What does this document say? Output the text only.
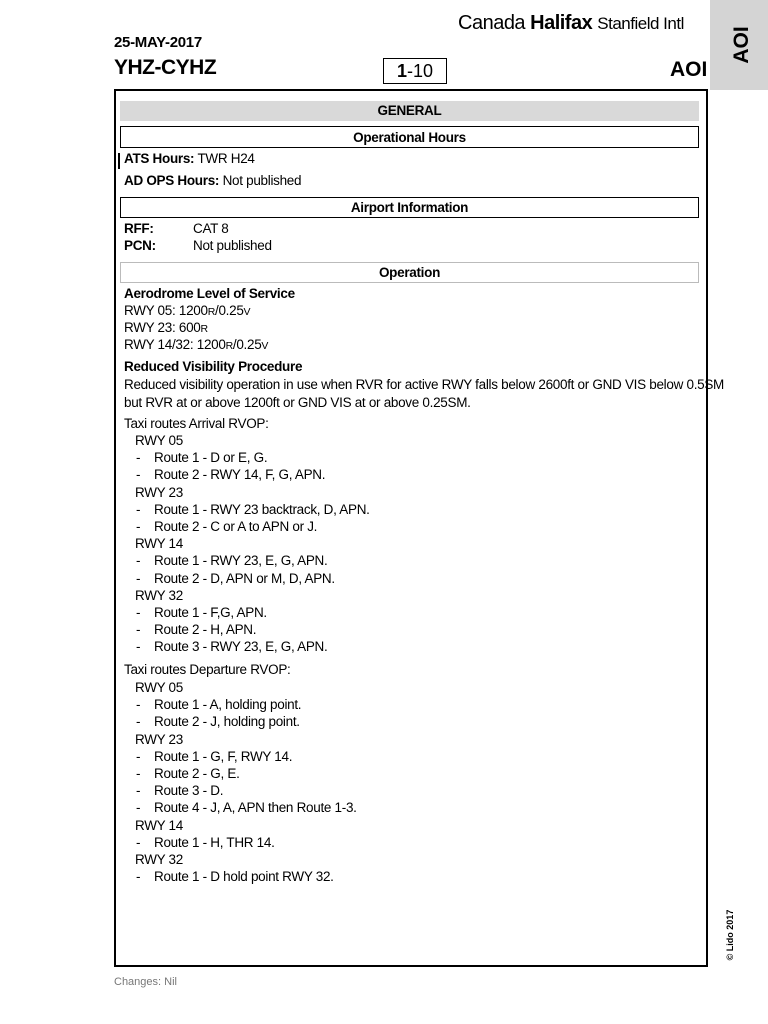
Canada Halifax Stanfield Intl
25-MAY-2017
YHZ-CYHZ	1-10	AOI
AOI
GENERAL
Operational Hours
ATS Hours: TWR H24
AD OPS Hours: Not published
Airport Information
RFF:	CAT 8
PCN:	Not published
Operation
Aerodrome Level of Service
RWY 05: 1200R/0.25V
RWY 23: 600R
RWY 14/32: 1200R/0.25V
Reduced Visibility Procedure
Reduced visibility operation in use when RVR for active RWY falls below 2600ft or GND VIS below 0.5SM
but RVR at or above 1200ft or GND VIS at or above 0.25SM.
Taxi routes Arrival RVOP:
RWY 05
- Route 1 - D or E, G.
- Route 2 - RWY 14, F, G, APN.
RWY 23
- Route 1 - RWY 23 backtrack, D, APN.
- Route 2 - C or A to APN or J.
RWY 14
- Route 1 - RWY 23, E, G, APN.
- Route 2 - D, APN or M, D, APN.
RWY 32
- Route 1 - F,G, APN.
- Route 2 - H, APN.
- Route 3 - RWY 23, E, G, APN.
Taxi routes Departure RVOP:
RWY 05
- Route 1 - A, holding point.
- Route 2 - J, holding point.
RWY 23
- Route 1 - G, F, RWY 14.
- Route 2 - G, E.
- Route 3 - D.
- Route 4 - J, A, APN then Route 1-3.
RWY 14
- Route 1 - H, THR 14.
RWY 32
- Route 1 - D hold point RWY 32.
Changes: Nil
© Lido 2017
